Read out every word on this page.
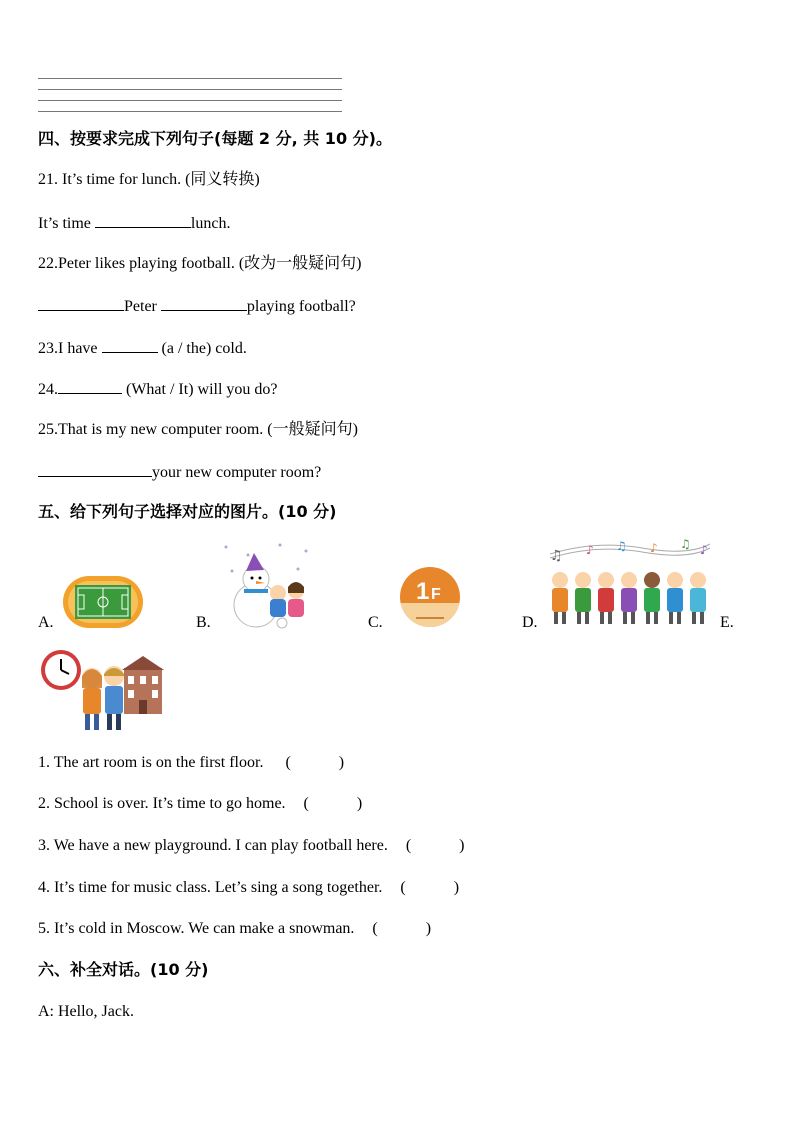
四、按要求完成下列句子(每题 2 分, 共 10 分)。
21. It’s time for lunch. (同义转换)
It’s time	lunch.
22.Peter likes playing football. (改为一般疑问句)
Peter	playing football?
23.I have	(a / the) cold.
24.	(What / It) will you do?
25.That is my new computer room. (一般疑问句)
your new computer room?
五、给下列句子选择对应的图片。(10 分)
A.	B.	C.	D.	E.
1 F
♫ ♪ ♫ ♪ ♫ ♪
1. The art room is on the first floor. (	)
2. School is over. It’s time to go home. (	)
3. We have a new playground. I can play football here. (	)
4. It’s time for music class. Let’s sing a song together. (	)
5. It’s cold in Moscow. We can make a snowman. (	)
六、补全对话。(10 分)
A: Hello, Jack.
